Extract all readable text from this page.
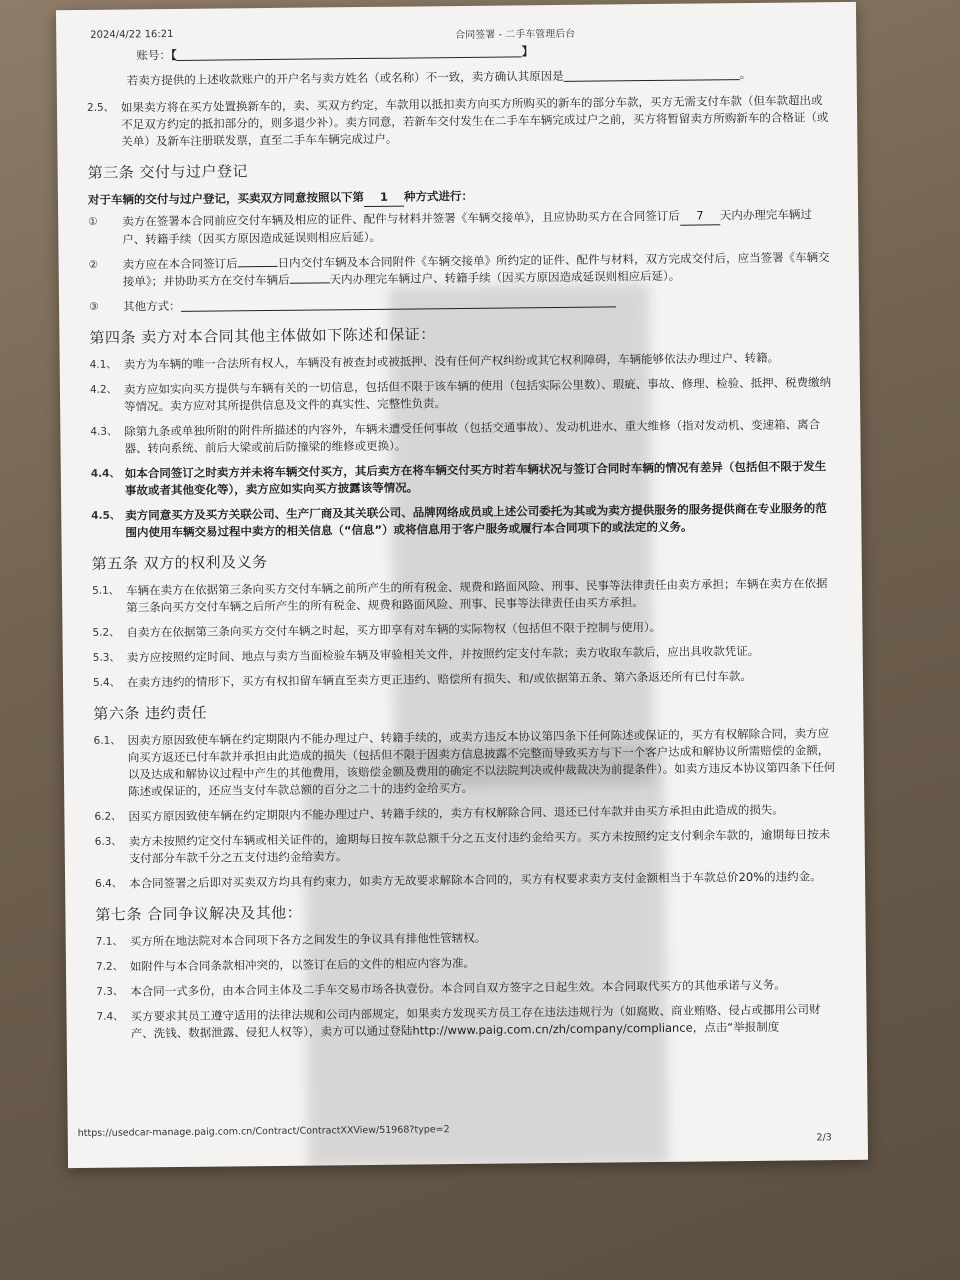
2024/4/22 16:21	合同签署 - 二手车管理后台
账号：【	】
若卖方提供的上述收款账户的开户名与卖方姓名（或名称）不一致，卖方确认其原因是	。
2.5、 如果卖方将在买方处置换新车的，卖、买双方约定，车款用以抵扣卖方向买方所购买的新车的部分车款，买方无需支付车款（但车款超出或不足双方约定的抵扣部分的，则多退少补）。卖方同意，若新车交付发生在二手车车辆完成过户之前，买方将暂留卖方所购新车的合格证（或关单）及新车注册联发票，直至二手车车辆完成过户。
第三条 交付与过户登记
对于车辆的交付与过户登记，买卖双方同意按照以下第 1 种方式进行：
①	卖方在签署本合同前应交付车辆及相应的证件、配件与材料并签署《车辆交接单》，且应协助买方在合同签订后 7 天内办理完车辆过户、转籍手续（因买方原因造成延误则相应后延）。
②	卖方应在本合同签订后	日内交付车辆及本合同附件《车辆交接单》所约定的证件、配件与材料，双方完成交付后，应当签署《车辆交接单》；并协助买方在交付车辆后	天内办理完车辆过户、转籍手续（因买方原因造成延误则相应后延）。
③	其他方式：
第四条 卖方对本合同其他主体做如下陈述和保证：
4.1、 卖方为车辆的唯一合法所有权人，车辆没有被查封或被抵押、没有任何产权纠纷或其它权利障碍，车辆能够依法办理过户、转籍。
4.2、 卖方应如实向买方提供与车辆有关的一切信息，包括但不限于该车辆的使用（包括实际公里数）、瑕疵、事故、修理、检验、抵押、税费缴纳等情况。卖方应对其所提供信息及文件的真实性、完整性负责。
4.3、 除第九条或单独所附的附件所描述的内容外，车辆未遭受任何事故（包括交通事故）、发动机进水、重大维修（指对发动机、变速箱、离合器、转向系统、前后大梁或前后防撞梁的维修或更换）。
4.4、 如本合同签订之时卖方并未将车辆交付买方，其后卖方在将车辆交付买方时若车辆状况与签订合同时车辆的情况有差异（包括但不限于发生事故或者其他变化等），卖方应如实向买方披露该等情况。
4.5、 卖方同意买方及买方关联公司、生产厂商及其关联公司、品牌网络成员或上述公司委托为其或为卖方提供服务的服务提供商在专业服务的范围内使用车辆交易过程中卖方的相关信息（“信息”）或将信息用于客户服务或履行本合同项下的或法定的义务。
第五条 双方的权利及义务
5.1、 车辆在卖方在依据第三条向买方交付车辆之前所产生的所有税金、规费和路面风险、刑事、民事等法律责任由卖方承担；车辆在卖方在依据第三条向买方交付车辆之后所产生的所有税金、规费和路面风险、刑事、民事等法律责任由买方承担。
5.2、 自卖方在依据第三条向买方交付车辆之时起，买方即享有对车辆的实际物权（包括但不限于控制与使用）。
5.3、 卖方应按照约定时间、地点与卖方当面检验车辆及审验相关文件，并按照约定支付车款；卖方收取车款后，应出具收款凭证。
5.4、 在卖方违约的情形下，买方有权扣留车辆直至卖方更正违约、赔偿所有损失、和/或依据第五条、第六条返还所有已付车款。
第六条 违约责任
6.1、 因卖方原因致使车辆在约定期限内不能办理过户、转籍手续的，或卖方违反本协议第四条下任何陈述或保证的，买方有权解除合同，卖方应向买方返还已付车款并承担由此造成的损失（包括但不限于因卖方信息披露不完整而导致买方与下一个客户达成和解协议所需赔偿的金额，以及达成和解协议过程中产生的其他费用，该赔偿金额及费用的确定不以法院判决或仲裁裁决为前提条件）。如卖方违反本协议第四条下任何陈述或保证的，还应当支付车款总额的百分之二十的违约金给买方。
6.2、 因买方原因致使车辆在约定期限内不能办理过户、转籍手续的，卖方有权解除合同、退还已付车款并由买方承担由此造成的损失。
6.3、 卖方未按照约定交付车辆或相关证件的，逾期每日按车款总额千分之五支付违约金给买方。买方未按照约定支付剩余车款的，逾期每日按未支付部分车款千分之五支付违约金给卖方。
6.4、 本合同签署之后即对买卖双方均具有约束力，如卖方无故要求解除本合同的，买方有权要求卖方支付金额相当于车款总价20%的违约金。
第七条 合同争议解决及其他：
7.1、 买方所在地法院对本合同项下各方之间发生的争议具有排他性管辖权。
7.2、 如附件与本合同条款相冲突的，以签订在后的文件的相应内容为准。
7.3、 本合同一式多份，由本合同主体及二手车交易市场各执壹份。本合同自双方签字之日起生效。本合同取代买方的其他承诺与义务。
7.4、 买方要求其员工遵守适用的法律法规和公司内部规定，如果卖方发现买方员工存在违法违规行为（如腐败、商业贿赂、侵占或挪用公司财产、洗钱、数据泄露、侵犯人权等），卖方可以通过登陆http://www.paig.com.cn/zh/company/compliance，点击“举报制度
https://usedcar-manage.paig.com.cn/Contract/ContractXXView/51968?type=2	2/3
